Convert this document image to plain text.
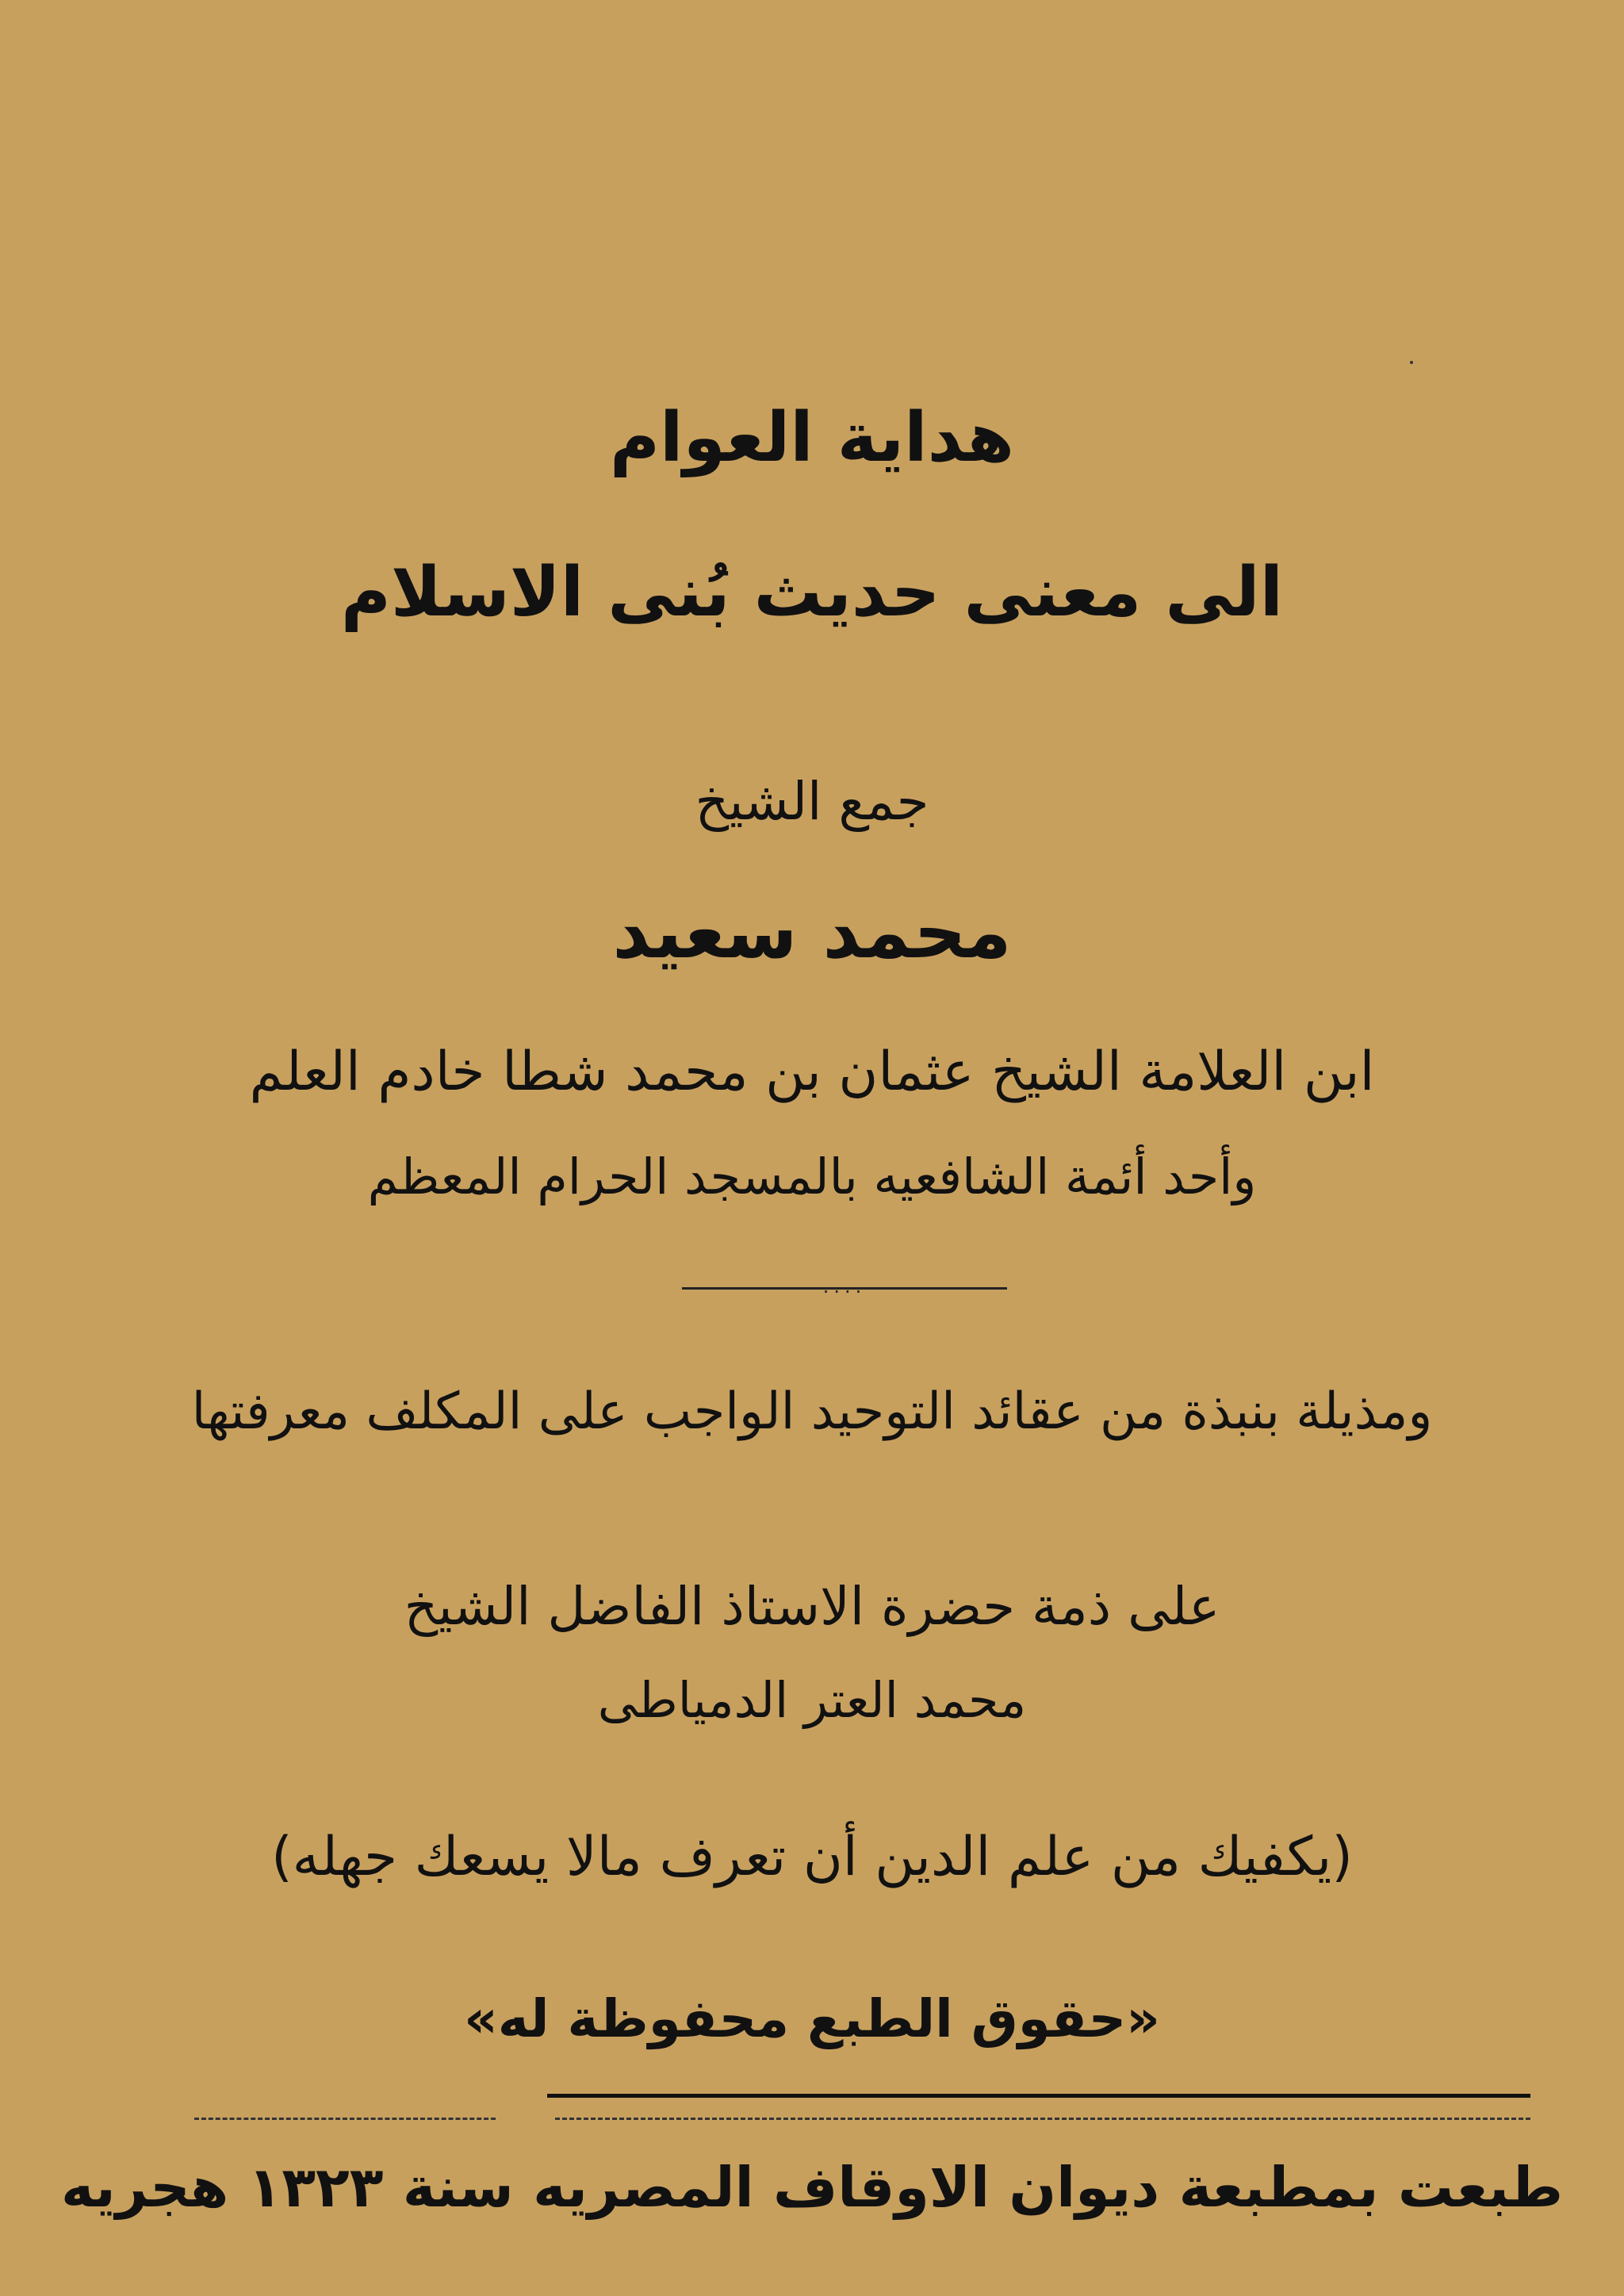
هداية العوام
الى معنى حديث بُنى الاسلام
جمع الشيخ
محمد سعيد
ابن العلامة الشيخ عثمان بن محمد شطا خادم العلم
وأحد أئمة الشافعيه بالمسجد الحرام المعظم
....
ومذيلة بنبذة من عقائد التوحيد الواجب على المكلف معرفتها
على ذمة حضرة الاستاذ الفاضل الشيخ
محمد العتر الدمياطى
(يكفيك من علم الدين أن تعرف مالا يسعك جهله)
«حقوق الطبع محفوظة له»
طبعت بمطبعة ديوان الاوقاف المصريه سنة ١٣٢٣ هجريه
